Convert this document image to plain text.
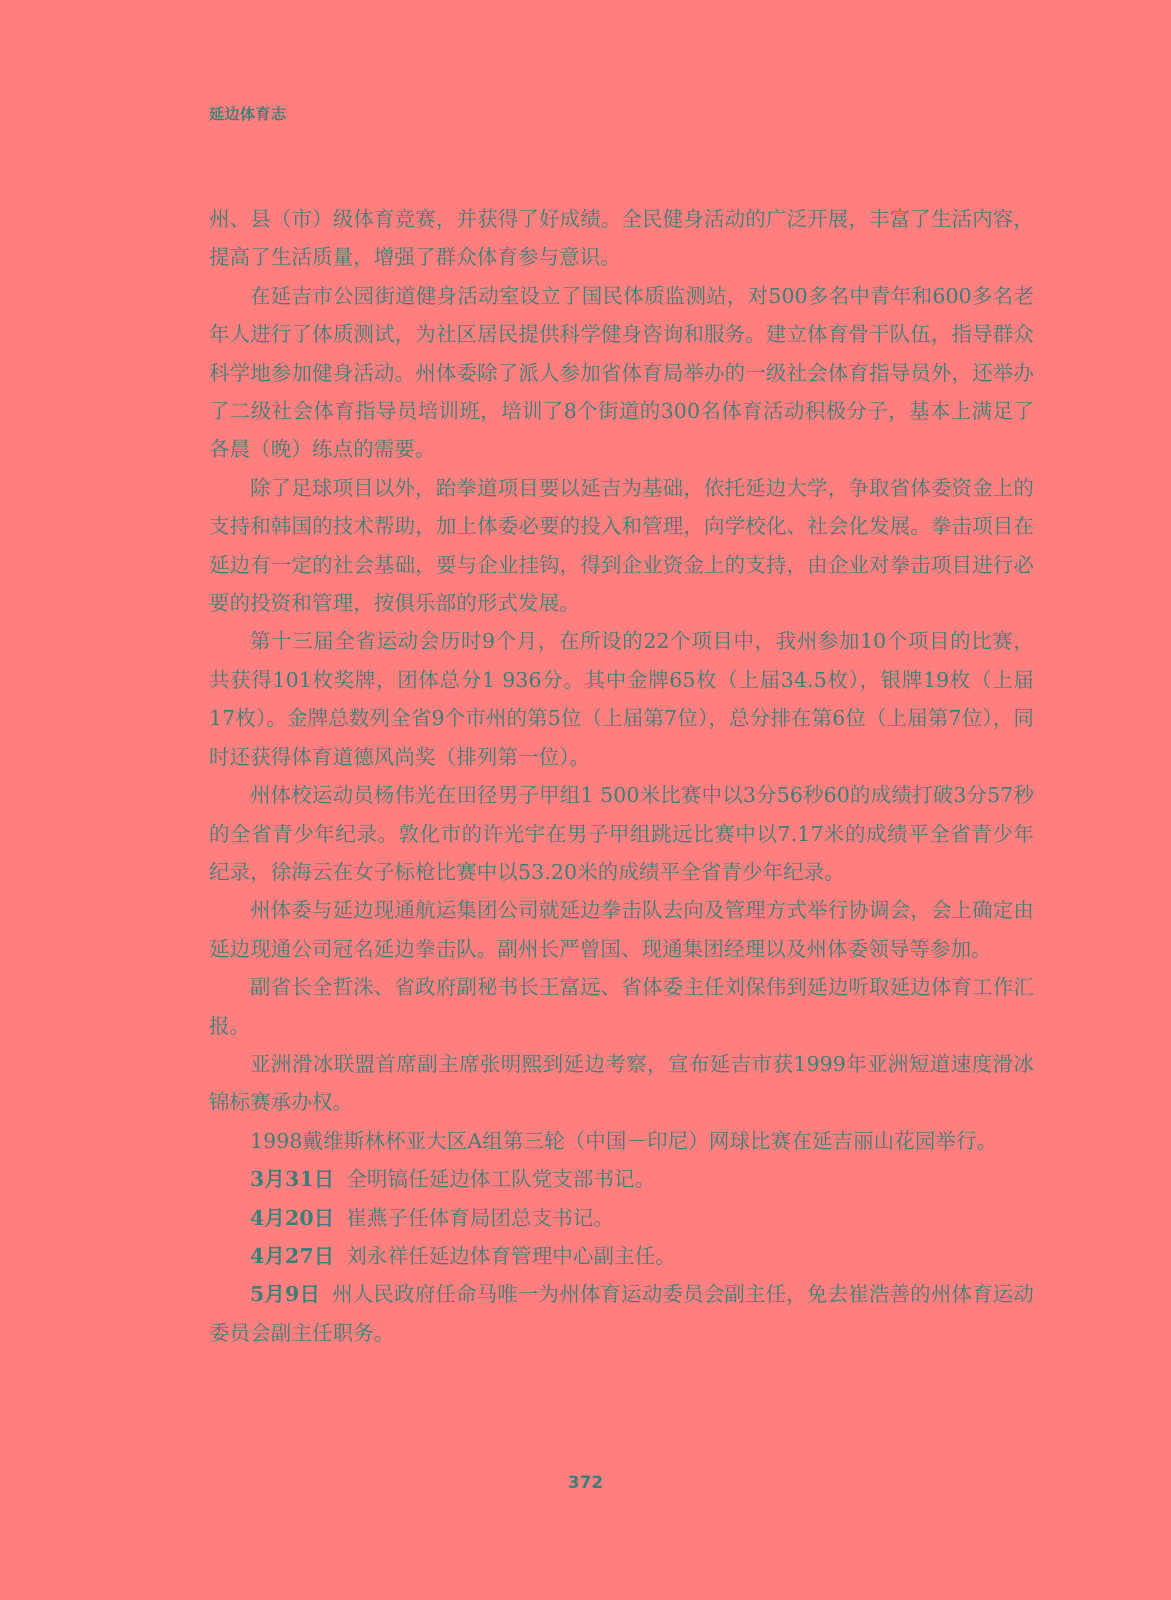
延边体育志

州、县（市）级体育竞赛，并获得了好成绩。全民健身活动的广泛开展，丰富了生活内容，提高了生活质量，增强了群众体育参与意识。

在延吉市公园街道健身活动室设立了国民体质监测站，对500多名中青年和600多名老年人进行了体质测试，为社区居民提供科学健身咨询和服务。建立体育骨干队伍，指导群众科学地参加健身活动。州体委除了派人参加省体育局举办的一级社会体育指导员外，还举办了二级社会体育指导员培训班，培训了8个街道的300名体育活动积极分子，基本上满足了各晨（晚）练点的需要。

除了足球项目以外，跆拳道项目要以延吉为基础，依托延边大学，争取省体委资金上的支持和韩国的技术帮助，加上体委必要的投入和管理，向学校化、社会化发展。拳击项目在延边有一定的社会基础，要与企业挂钩，得到企业资金上的支持，由企业对拳击项目进行必要的投资和管理，按俱乐部的形式发展。

第十三届全省运动会历时9个月，在所设的22个项目中，我州参加10个项目的比赛，共获得101枚奖牌，团体总分1 936分。其中金牌65枚（上届34.5枚），银牌19枚（上届17枚）。金牌总数列全省9个市州的第5位（上届第7位），总分排在第6位（上届第7位），同时还获得体育道德风尚奖（排列第一位）。

州体校运动员杨伟光在田径男子甲组1 500米比赛中以3分56秒60的成绩打破3分57秒的全省青少年纪录。敦化市的许光宇在男子甲组跳远比赛中以7.17米的成绩平全省青少年纪录，徐海云在女子标枪比赛中以53.20米的成绩平全省青少年纪录。

州体委与延边现通航运集团公司就延边拳击队去向及管理方式举行协调会，会上确定由延边现通公司冠名延边拳击队。副州长严曾国、现通集团经理以及州体委领导等参加。

副省长全哲洙、省政府副秘书长王富远、省体委主任刘保伟到延边听取延边体育工作汇报。

亚洲滑冰联盟首席副主席张明熙到延边考察，宣布延吉市获1999年亚洲短道速度滑冰锦标赛承办权。

1998戴维斯林杯亚大区A组第三轮（中国－印尼）网球比赛在延吉丽山花园举行。

3月31日 全明镐任延边体工队党支部书记。

4月20日 崔燕子任体育局团总支书记。

4月27日 刘永祥任延边体育管理中心副主任。

5月9日 州人民政府任命马唯一为州体育运动委员会副主任，免去崔浩善的州体育运动委员会副主任职务。

372
